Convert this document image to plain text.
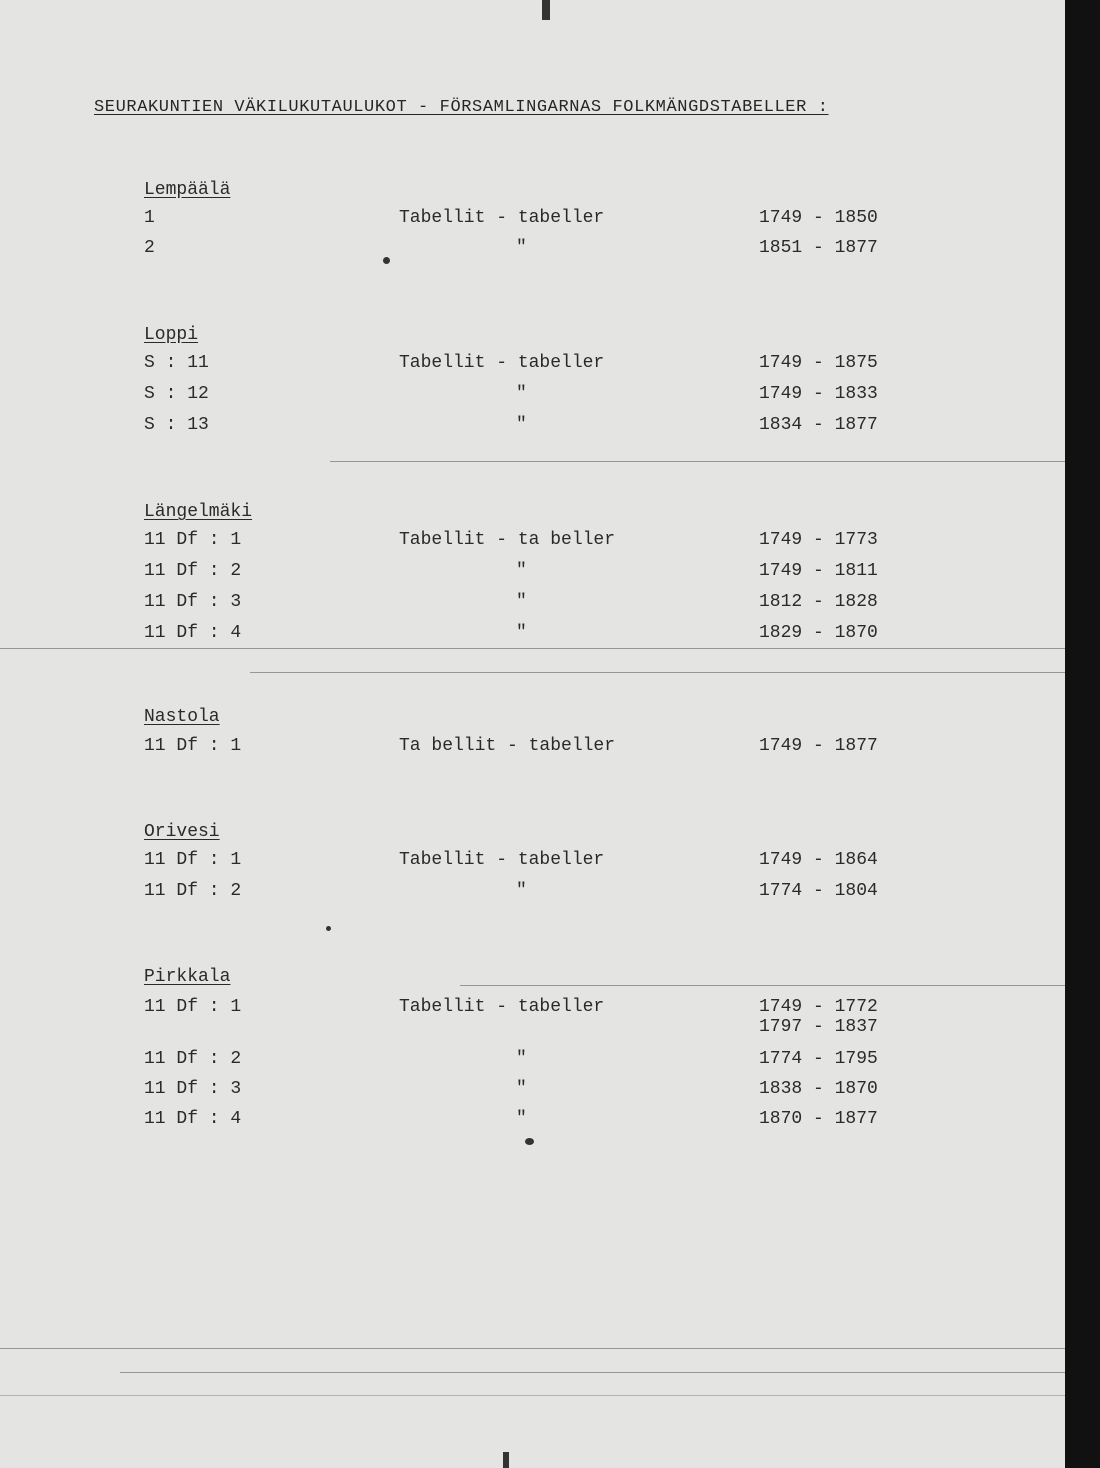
SEURAKUNTIEN VÄKILUKUTAULUKOT - FÖRSAMLINGARNAS FOLKMÄNGDSTABELLER :
Lempäälä
1	Tabellit - tabeller	1749 - 1850
2	"	1851 - 1877
Loppi
S : 11	Tabellit - tabeller	1749 - 1875
S : 12	"	1749 - 1833
S : 13	"	1834 - 1877
Längelmäki
11 Df : 1	Tabellit - ta beller	1749 - 1773
11 Df : 2	"	1749 - 1811
11 Df : 3	"	1812 - 1828
11 Df : 4	"	1829 - 1870
Nastola
11 Df : 1	Ta bellit - tabeller	1749 - 1877
Orivesi
11 Df : 1	Tabellit - tabeller	1749 - 1864
11 Df : 2	"	1774 - 1804
Pirkkala
11 Df : 1	Tabellit - tabeller	1749 - 1772
1797 - 1837
11 Df : 2	"	1774 - 1795
11 Df : 3	"	1838 - 1870
11 Df : 4	"	1870 - 1877
